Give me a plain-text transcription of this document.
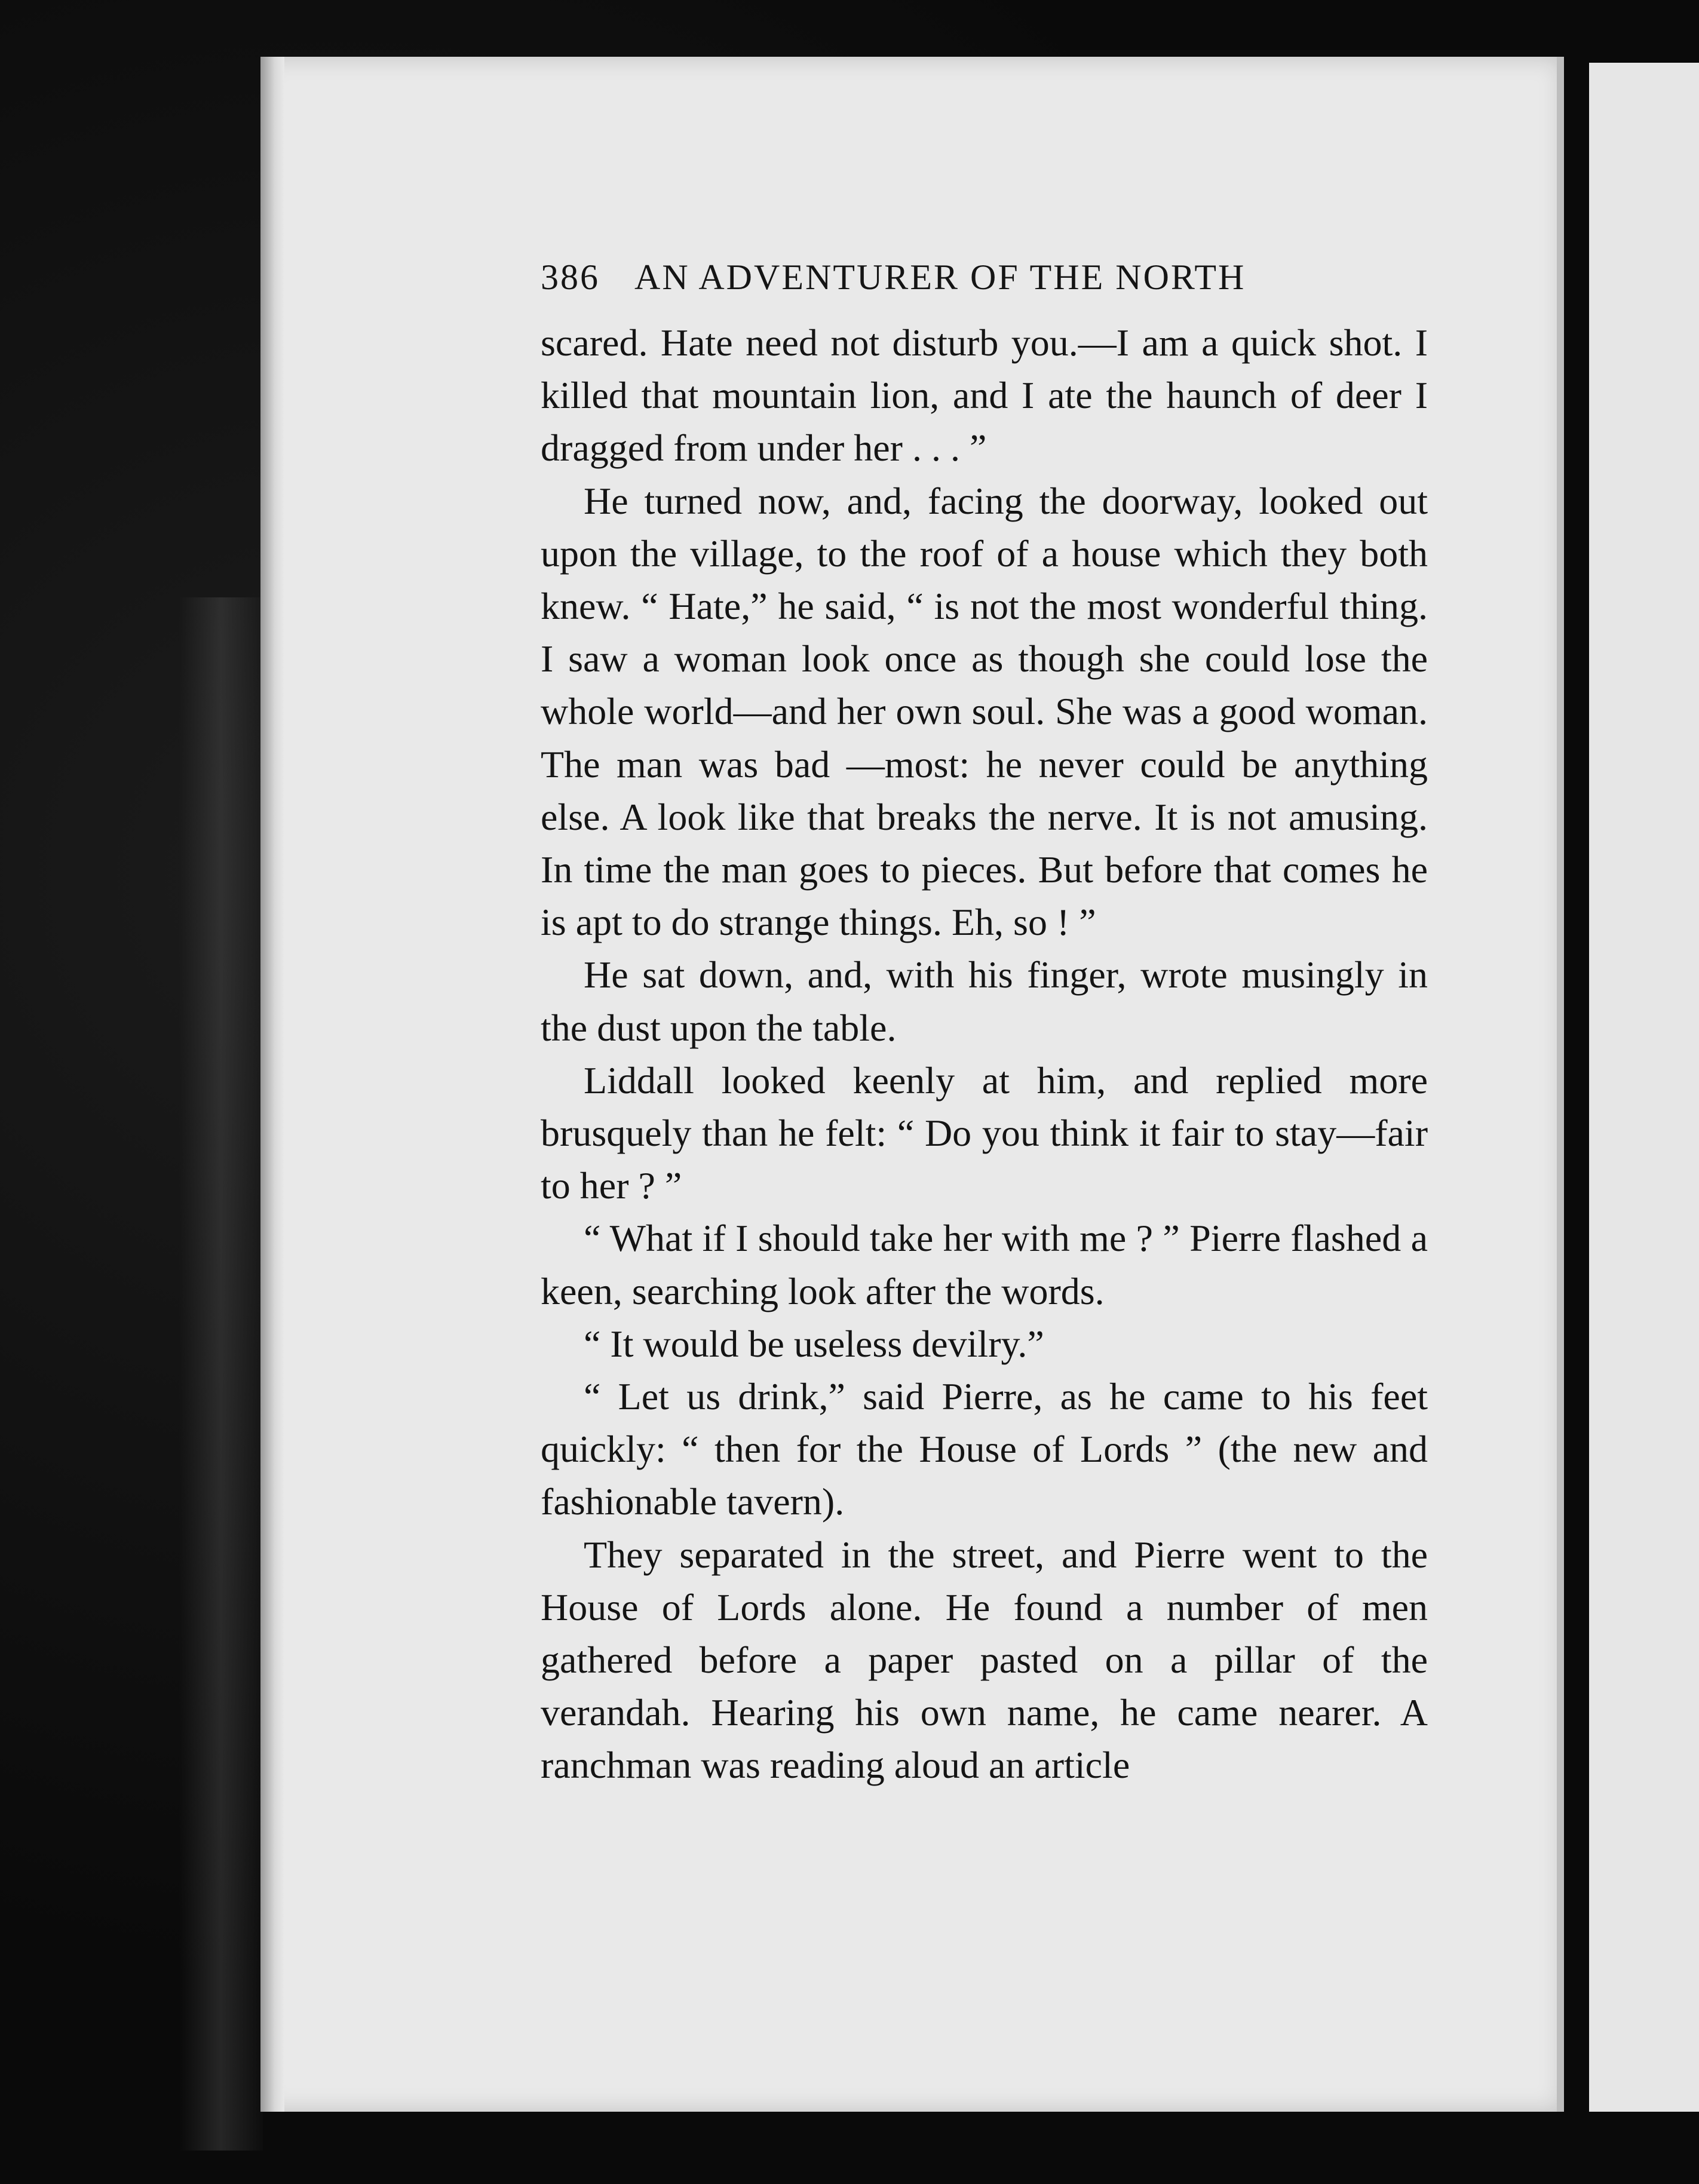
386 AN ADVENTURER OF THE NORTH

scared. Hate need not disturb you.—I am a quick shot. I killed that mountain lion, and I ate the haunch of deer I dragged from under her . . . ”

He turned now, and, facing the doorway, looked out upon the village, to the roof of a house which they both knew. “ Hate,” he said, “ is not the most wonderful thing. I saw a woman look once as though she could lose the whole world—and her own soul. She was a good woman. The man was bad —most: he never could be anything else. A look like that breaks the nerve. It is not amusing. In time the man goes to pieces. But before that comes he is apt to do strange things. Eh, so ! ”

He sat down, and, with his finger, wrote musingly in the dust upon the table.

Liddall looked keenly at him, and replied more brusquely than he felt: “ Do you think it fair to stay—fair to her ? ”

“ What if I should take her with me ? ” Pierre flashed a keen, searching look after the words.

“ It would be useless devilry.”

“ Let us drink,” said Pierre, as he came to his feet quickly: “ then for the House of Lords ” (the new and fashionable tavern).

They separated in the street, and Pierre went to the House of Lords alone. He found a number of men gathered before a paper pasted on a pillar of the verandah. Hearing his own name, he came nearer. A ranchman was reading aloud an article
